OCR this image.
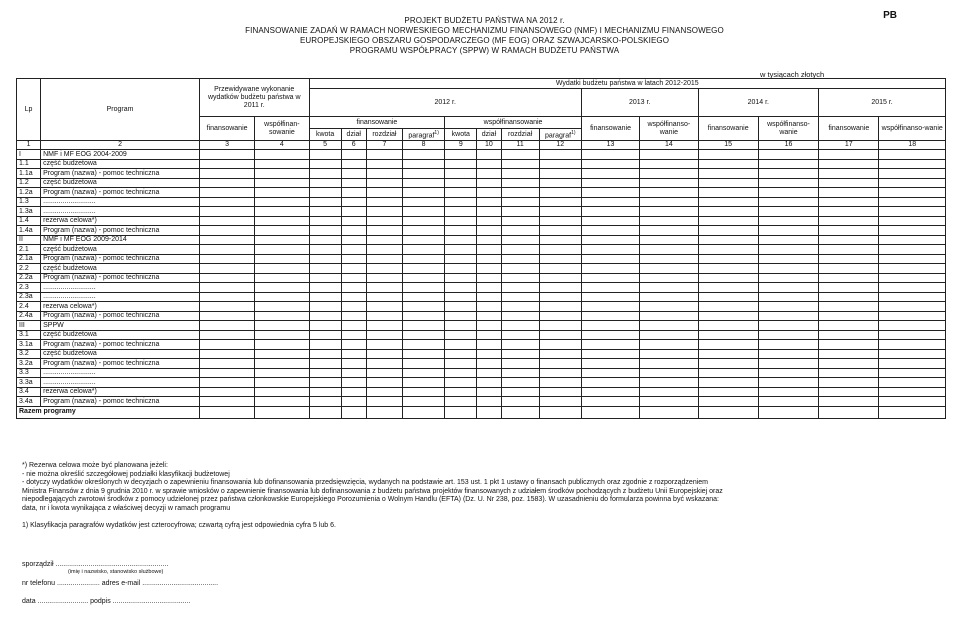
PB
PROJEKT BUDŻETU PAŃSTWA NA 2012 r.
FINANSOWANIE ZADAŃ W RAMACH NORWESKIEGO MECHANIZMU FINANSOWEGO (NMF) I MECHANIZMU FINANSOWEGO
EUROPEJSKIEGO OBSZARU GOSPODARCZEGO (MF EOG) ORAZ SZWAJCARSKO-POLSKIEGO
PROGRAMU WSPÓŁPRACY (SPPW) W RAMACH BUDŻETU PAŃSTWA
w tysiącach złotych
Lp	Program	Przewidywane wykonanie wydatków budżetu państwa w 2011 r.		Wydatki budżetu państwa w latach 2012-2015													
				2012 r.								2013 r.		2014 r.		2015 r.	
		finansowanie	współfinan-sowanie	finansowanie				współfinansowanie				finansowanie	współfinanso-wanie	finansowanie	współfinanso-wanie	finansowanie	współfinanso-wanie
				kwota	dział	rozdział	paragraf$^{1)}$	kwota	dział	rozdział	paragraf$^{1)}$
1	2	3	4	5	6	7	8	9	10	11	12	13	14	15	16	17	18
I	NMF i MF EOG 2004-2009																
1.1	część budżetowa																
1.1a	Program (nazwa) - pomoc techniczna																
1.2	część budżetowa																
1.2a	Program (nazwa) - pomoc techniczna																
1.3	...........................																
1.3a	...........................																
1.4	rezerwa celowa*)																
1.4a	Program (nazwa) - pomoc techniczna																
II	NMF i MF EOG 2009-2014																
2.1	część budżetowa																
2.1a	Program (nazwa) - pomoc techniczna																
2.2	część budżetowa																
2.2a	Program (nazwa) - pomoc techniczna																
2.3	...........................																
2.3a	...........................																
2.4	rezerwa celowa*)																
2.4a	Program (nazwa) - pomoc techniczna																
III	SPPW																
3.1	część budżetowa																
3.1a	Program (nazwa) - pomoc techniczna																
3.2	część budżetowa																
3.2a	Program (nazwa) - pomoc techniczna																
3.3	...........................																
3.3a	...........................																
3.4	rezerwa celowa*)																
3.4a	Program (nazwa) - pomoc techniczna																
Razem programy																	

*) Rezerwa celowa może być planowana jeżeli:

- nie można określić szczegółowej podziałki klasyfikacji budżetowej

- dotyczy wydatków określonych w decyzjach o zapewnieniu finansowania lub dofinansowania przedsięwzięcia, wydanych na podstawie art. 153 ust. 1 pkt 1 ustawy o finansach publicznych oraz zgodnie z rozporządzeniem

Ministra Finansów z dnia 9 grudnia 2010 r. w sprawie wniosków o zapewnienie finansowania lub dofinansowania z budżetu państwa projektów finansowanych z udziałem środków pochodzących z budżetu Unii Europejskiej oraz

niepodlegających zwrotowi środków z pomocy udzielonej przez państwa członkowskie Europejskiego Porozumienia o Wolnym Handlu (EFTA) (Dz. U. Nr 238, poz. 1583). W uzasadnieniu do formularza powinna być wskazana:

data, nr i kwota wynikająca z właściwej decyzji w ramach programu

1) Klasyfikacja paragrafów wydatków jest czterocyfrowa; czwartą cyfrą jest odpowiednia cyfra 5 lub 6.

sporządził ..........................................................
(imię i nazwisko, stanowisko służbowe)
nr telefonu ...................... adres e-mail .......................................
data .......................... podpis ........................................
